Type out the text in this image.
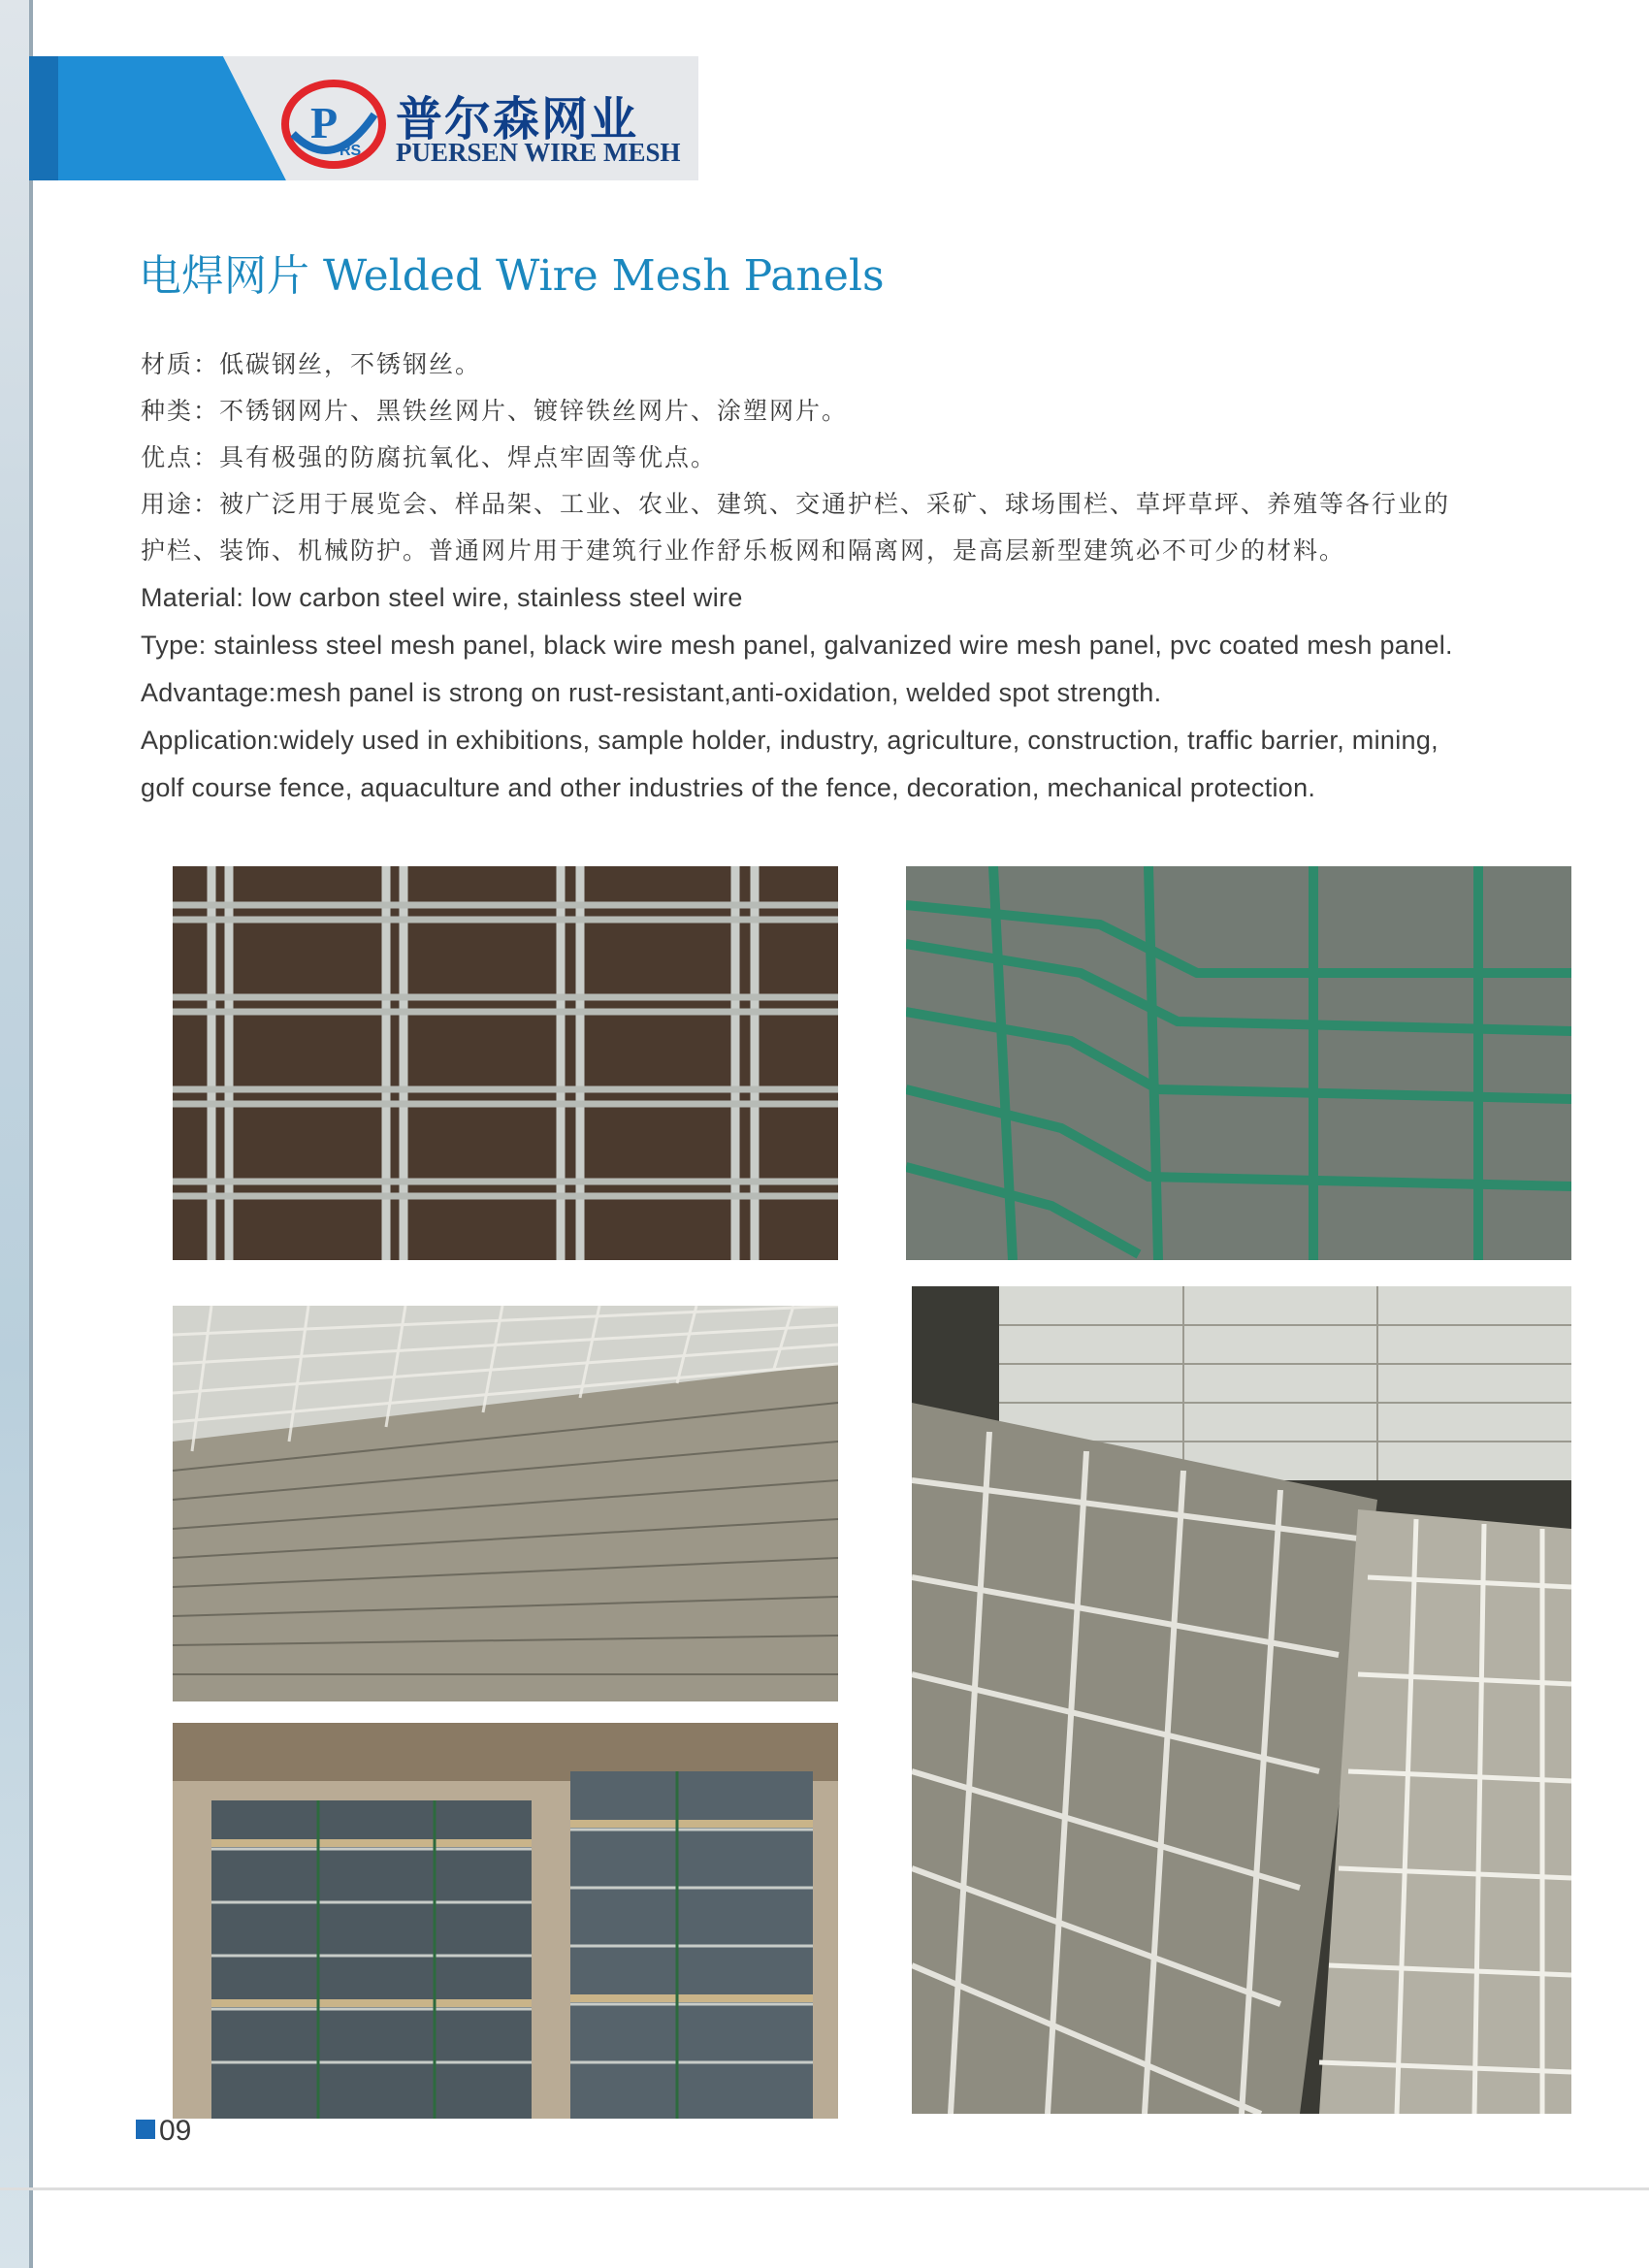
P
RS
普尔森网业
PUERSEN WIRE MESH
电焊网片 Welded Wire Mesh Panels
材质：低碳钢丝，不锈钢丝。
种类：不锈钢网片、黑铁丝网片、镀锌铁丝网片、涂塑网片。
优点：具有极强的防腐抗氧化、焊点牢固等优点。
用途：被广泛用于展览会、样品架、工业、农业、建筑、交通护栏、采矿、球场围栏、草坪草坪、养殖等各行业的
护栏、装饰、机械防护。普通网片用于建筑行业作舒乐板网和隔离网，是高层新型建筑必不可少的材料。
Material: low carbon steel wire, stainless steel wire
Type: stainless steel mesh panel, black wire mesh panel, galvanized wire mesh panel, pvc coated mesh panel.
Advantage:mesh panel is strong on rust-resistant,anti-oxidation, welded spot strength.
Application:widely used in exhibitions, sample holder, industry, agriculture, construction, traffic barrier, mining,
golf course fence, aquaculture and other industries of the fence, decoration, mechanical protection.
09
